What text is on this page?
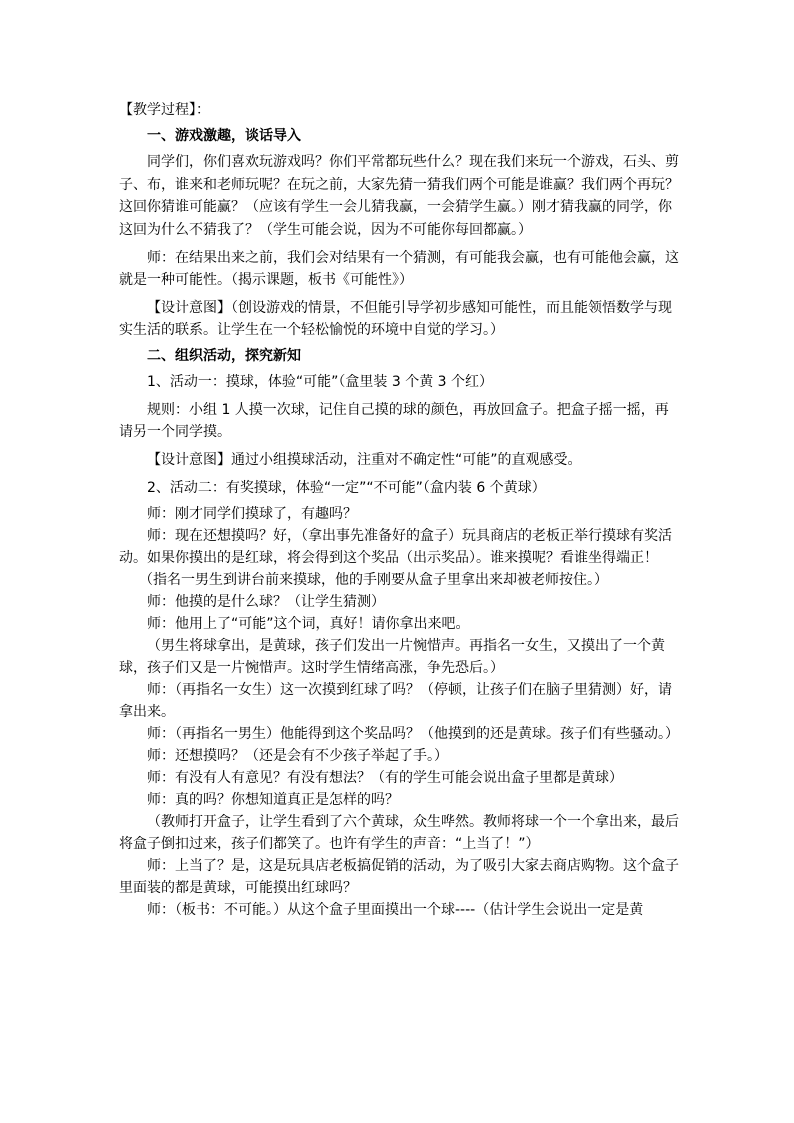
【教学过程】：

一、游戏激趣，谈话导入

同学们，你们喜欢玩游戏吗？你们平常都玩些什么？现在我们来玩一个游戏，石头、剪子、布，谁来和老师玩呢？在玩之前，大家先猜一猜我们两个可能是谁赢？我们两个再玩？这回你猜谁可能赢？（应该有学生一会儿猜我赢，一会猜学生赢。）刚才猜我赢的同学，你这回为什么不猜我了？（学生可能会说，因为不可能你每回都赢。）

师：在结果出来之前，我们会对结果有一个猜测，有可能我会赢，也有可能他会赢，这就是一种可能性。（揭示课题，板书《可能性》）

【设计意图】（创设游戏的情景，不但能引导学初步感知可能性，而且能领悟数学与现实生活的联系。让学生在一个轻松愉悦的环境中自觉的学习。）

二、组织活动，探究新知

1、活动一：摸球，体验“可能”（盒里装 3 个黄 3 个红）

规则：小组 1 人摸一次球，记住自己摸的球的颜色，再放回盒子。把盒子摇一摇，再请另一个同学摸。

【设计意图】通过小组摸球活动，注重对不确定性“可能”的直观感受。

2、活动二：有奖摸球，体验“一定”“不可能”（盒内装 6 个黄球）

师：刚才同学们摸球了，有趣吗？

师：现在还想摸吗？好，（拿出事先准备好的盒子）玩具商店的老板正举行摸球有奖活动。如果你摸出的是红球，将会得到这个奖品（出示奖品）。谁来摸呢？看谁坐得端正！

（指名一男生到讲台前来摸球，他的手刚要从盒子里拿出来却被老师按住。）

师：他摸的是什么球？（让学生猜测）

师：他用上了“可能”这个词，真好！请你拿出来吧。

（男生将球拿出，是黄球，孩子们发出一片惋惜声。再指名一女生，又摸出了一个黄球，孩子们又是一片惋惜声。这时学生情绪高涨，争先恐后。）

师：（再指名一女生）这一次摸到红球了吗？（停顿，让孩子们在脑子里猜测）好，请拿出来。

师：（再指名一男生）他能得到这个奖品吗？（他摸到的还是黄球。孩子们有些骚动。）

师：还想摸吗？（还是会有不少孩子举起了手。）

师：有没有人有意见？有没有想法？（有的学生可能会说出盒子里都是黄球）

师：真的吗？你想知道真正是怎样的吗？

（教师打开盒子，让学生看到了六个黄球，众生哗然。教师将球一个一个拿出来，最后将盒子倒扣过来，孩子们都笑了。也许有学生的声音：“上当了！”）

师：上当了？是，这是玩具店老板搞促销的活动，为了吸引大家去商店购物。这个盒子里面装的都是黄球，可能摸出红球吗？

师：（板书：不可能。）从这个盒子里面摸出一个球----（估计学生会说出一定是黄
